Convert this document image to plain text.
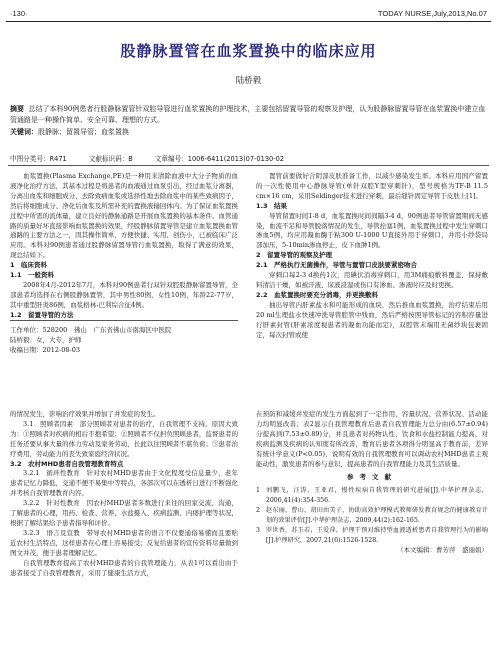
·130·	TODAY NURSE,July,2013,No.07
股静脉置管在血浆置换中的临床应用
陆桥毅
摘要 总结了本科90例患者行股静脉置管针双腔导管进行血浆置换的护理技术，主要包括留置导管的观察及护理，认为股静脉留置导管在血浆置换中建立血管通路是一种操作简单、安全可靠、理想的方式。
关键词：股静脉；留置导管；血浆置换
中图分类号：R471	文献标识码：B	文章编号：1006-6411(2013)07-0130-02

血浆置换(Plasma Exchange,PE)是一种用来清除血液中大分子物质的血液净化治疗方法，其基本过程是将患者的血液通过血泵引出，经过血浆分离器，分离出血浆和细胞成分，去除致病血浆或选择性地去除血浆中的某些致病因子，然后将细胞成分、净化后血浆及所需补充的置换液输回体内。为了保证血浆置换过程中所需的流体量，建立良好的静脉通路是开展血浆置换的基本条件。血管通路的质量好坏直接影响血浆置换的效果，经股静脉留置导管是建立血浆置换血管通路的主要方法之一，因其操作简单、方便快捷、实用、创伤小，已被临床广泛应用。本科对90例患者通过股静脉留置导管行血浆置换，取得了满意的效果，现总结如下。

1　临床资料

1.1　一般资料

2008年4月-2012年7月，本科对90例患者行双针双腔股静脉留置导管，全部患者均选择在右侧股静脉置管，其中男性80例，女性10例，年龄22-77岁，其中重型肝炎86例，血浆格林-巴利综合征4例。

1.2　留置导管的方法

工作单位：528200　佛山　广东省佛山市南海区中医院

陆桥毅：女，大专，护师

收稿日期：2012-08-03

置管前要做好合阴部皮肤准备工作，以减少感染发生率。本科应用国产留置的一次性使用中心静脉导管(单针双腔Y型穿刺针)，型号规格为TF-B 11.5 cm×16 cm，采用Seldinger技术进行穿刺，最后缝针固定导管于皮肤上[1]。

1.3　结果

导管留置时间1-8 d，血浆置换时间间隔3-4 d，90例患者导管留置期间无感染，血流不足和导管脱落情况的发生，导管拴塞1例，血浆置换过程中发生穿刺口渗血5例，均应用凝血酶于粘300 U-1000 U直接外用于穿刺口，并用小纱袋局部加压，5-10min渗血停止，皮下血肿1例。

2　留置导管的观察及护理

2.1　严格执行无菌操作，导管与置管口皮肤要紧密吻合

穿刺口每2-3 d换药1次，用碘伏消毒穿刺口，用3M痛痕敷料覆盖，保持敷料清洁干燥，如被汗液、尿液浸湿或伤口有渗血、渗液时应及时更换。

2.2　血浆置换时要充分消毒，并更换敷料

抽出导管内肝素盐水和可能形成的血块，然后推血血浆置换，治疗结束后用20 ml生理盐水快速冲洗导管腔管中残血，然后严格按照导管标记的容积容量进行肝素封管(肝素浓度视患者的凝血功能而定)，双腔管末端用无菌纱块包裹固定，每次封管或使

的情况发生，影响治疗效果并增加了并发症的发生。

3.1　照顾者因素　部分照顾者对患者的治疗，自我管理不支持。原因大致为：①照顾者对疾病的相后不抱希望；②照顾者不仅担负照顾患者，监督患者的任务还要从事大量的体力劳动及家务劳动，长此以往照顾者不堪负荷；③患者治疗费用，劳动能力的丧失致家庭经济状况。

3.2　农村MHD患者自我管理教育特点

3.2.1　循环性教育　针对农村MHD患者由于文化程度受信息量少，老年患者记忆力降低，交通不便不易集中等特点，各部次可以在透析日进行不断强化并考核自我管理教育内容。

3.2.2　针对性教育　因农村MHD患者多数进行来往的回家交流、沟通，了解患者的心理，用药、检查、营养、水盐摄入、疾病监测、内瘘护理等状况，根据了解结果给予患者指导和评价。

3.2.3　语言及宣教　带导农村MHD患者的语言不仅要通俗易懂而且要贴近农村生活特点，这样患者在心理上容易接受；反复给患者的宣传资料尽量做到图文并茂，便于患者理解记忆。

自我管理教育提高了农村MHD患者的自我管理能力，从表1可以看出由于患者接受了自我管理教育，采用了健康生活方式，

在预防和减缓并发症的发生方面起到了一定作用，容量状况、营养状况、活动能力均明显改善；表2显示自我管理教育后患者自我管理能力总分由(6.57±0.94)分提高到(7.53±0.89)分，并且患者对药物认性、饮食和水盐控制能力提高，对疾病监测及疾病的认知度有所改善，教育后患者各项得分明显高于教育前，差异有统计学意义(P<0.05)，说明有效的自我管理教育可以调动农村MHD患者主观能动性，激发患者的参与意识，提高患者的自我管理能力及其生活质量。

参考文献

1 刘鹏飞，汪涛，王亚君，慢性疾病自我管理的研究进展[J].中华护理杂志，2006,41(4):354-356.

2 赵东丽，曹山，胡田由美子，协助高效护理模式教师研发教育规念的健康教育计划的效果评价[J].中华护理杂志，2009,44(2):162-165.

3 罗世香，苏玉若，王爱萍，护理干预对维持型血液透析患者自我管理行为的影响[J].护理研究，2007,21(6):1526-1528.

（本文编辑：曹芳萍　盛丽娟）
